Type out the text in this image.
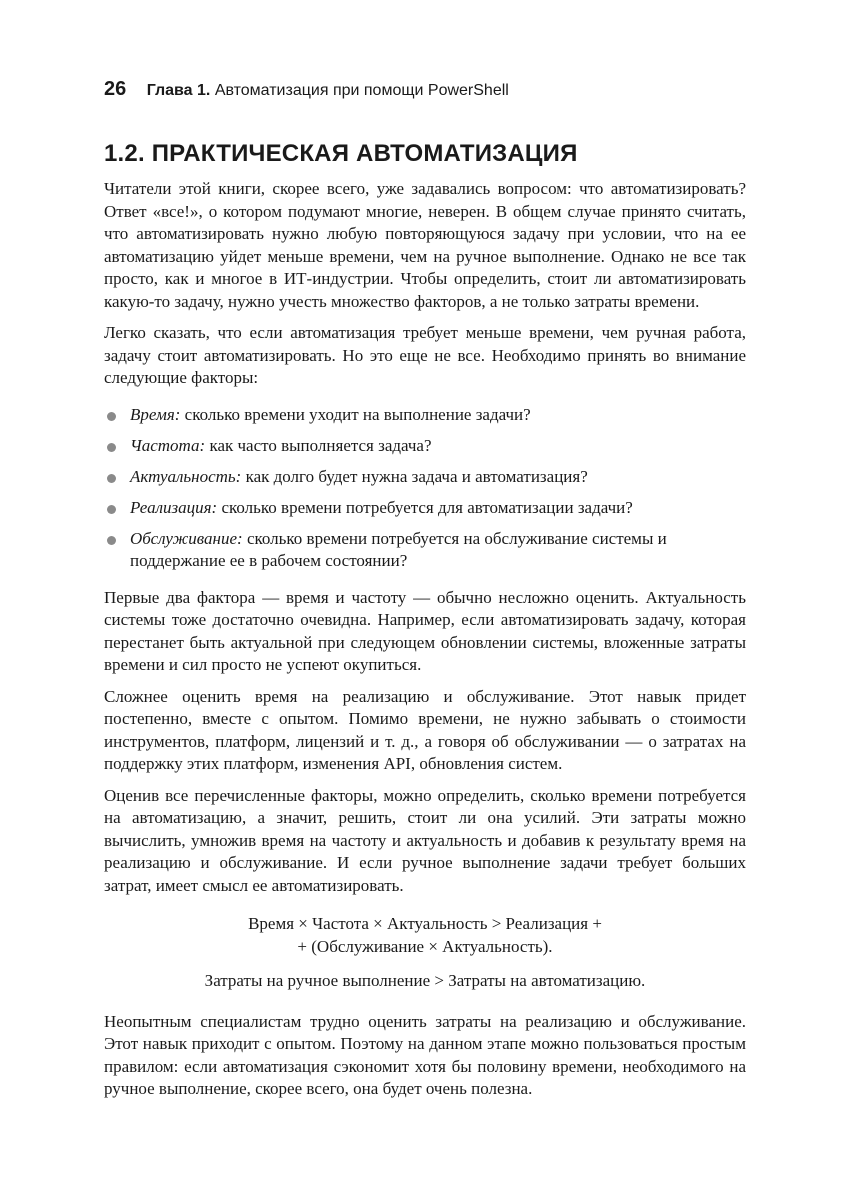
26 Глава 1. Автоматизация при помощи PowerShell
1.2. ПРАКТИЧЕСКАЯ АВТОМАТИЗАЦИЯ

Читатели этой книги, скорее всего, уже задавались вопросом: что автоматизировать? Ответ «все!», о котором подумают многие, неверен. В общем случае принято считать, что автоматизировать нужно любую повторяющуюся задачу при условии, что на ее автоматизацию уйдет меньше времени, чем на ручное выполнение. Однако не все так просто, как и многое в ИТ-индустрии. Чтобы определить, стоит ли автоматизировать какую-то задачу, нужно учесть множество факторов, а не только затраты времени.

Легко сказать, что если автоматизация требует меньше времени, чем ручная работа, задачу стоит автоматизировать. Но это еще не все. Необходимо принять во внимание следующие факторы:

Время: сколько времени уходит на выполнение задачи?
Частота: как часто выполняется задача?
Актуальность: как долго будет нужна задача и автоматизация?
Реализация: сколько времени потребуется для автоматизации задачи?
Обслуживание: сколько времени потребуется на обслуживание системы и поддержание ее в рабочем состоянии?

Первые два фактора — время и частоту — обычно несложно оценить. Актуальность системы тоже достаточно очевидна. Например, если автоматизировать задачу, которая перестанет быть актуальной при следующем обновлении системы, вложенные затраты времени и сил просто не успеют окупиться.

Сложнее оценить время на реализацию и обслуживание. Этот навык придет постепенно, вместе с опытом. Помимо времени, не нужно забывать о стоимости инструментов, платформ, лицензий и т. д., а говоря об обслуживании — о затратах на поддержку этих платформ, изменения API, обновления систем.

Оценив все перечисленные факторы, можно определить, сколько времени потребуется на автоматизацию, а значит, решить, стоит ли она усилий. Эти затраты можно вычислить, умножив время на частоту и актуальность и добавив к результату время на реализацию и обслуживание. И если ручное выполнение задачи требует больших затрат, имеет смысл ее автоматизировать.

Время × Частота × Актуальность > Реализация +
+ (Обслуживание × Актуальность).
Затраты на ручное выполнение > Затраты на автоматизацию.

Неопытным специалистам трудно оценить затраты на реализацию и обслуживание. Этот навык приходит с опытом. Поэтому на данном этапе можно пользоваться простым правилом: если автоматизация сэкономит хотя бы половину времени, необходимого на ручное выполнение, скорее всего, она будет очень полезна.
